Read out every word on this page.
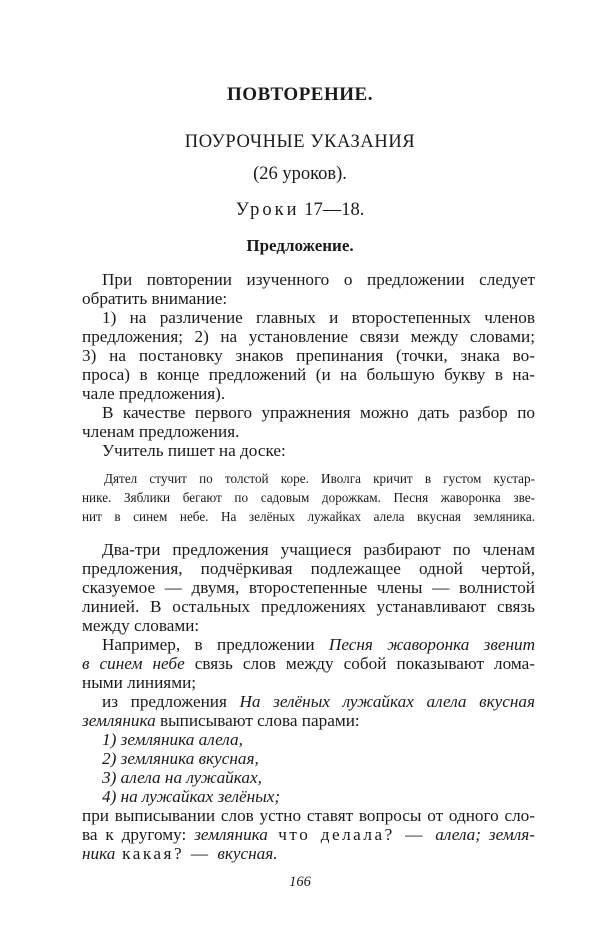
ПОВТОРЕНИЕ.
ПОУРОЧНЫЕ УКАЗАНИЯ
(26 уроков).
Уроки 17—18.
Предложение.
При повторении изученного о предложении следует
обратить внимание:
1) на различение главных и второстепенных членов
предложения; 2) на установление связи между словами;
3) на постановку знаков препинания (точки, знака во-
проса) в конце предложений (и на большую букву в на-
чале предложения).
В качестве первого упражнения можно дать разбор по
членам предложения.
Учитель пишет на доске:
Дятел стучит по толстой коре. Иволга кричит в густом кустар-
нике. Зяблики бегают по садовым дорожкам. Песня жаворонка зве-
нит в синем небе. На зелёных лужайках алела вкусная земляника.
Два-три предложения учащиеся разбирают по членам
предложения, подчёркивая подлежащее одной чертой,
сказуемое — двумя, второстепенные члены — волнистой
линией. В остальных предложениях устанавливают связь
между словами:
Например, в предложении Песня жаворонка звенит
в синем небе связь слов между собой показывают лома-
ными линиями;
из предложения На зелёных лужайках алела вкусная
земляника выписывают слова парами:
1) земляника алела,
2) земляника вкусная,
3) алела на лужайках,
4) на лужайках зелёных;
при выписывании слов устно ставят вопросы от одного сло-
ва к другому: земляника что делала? — алела; земля-
ника какая? — вкусная.
166
